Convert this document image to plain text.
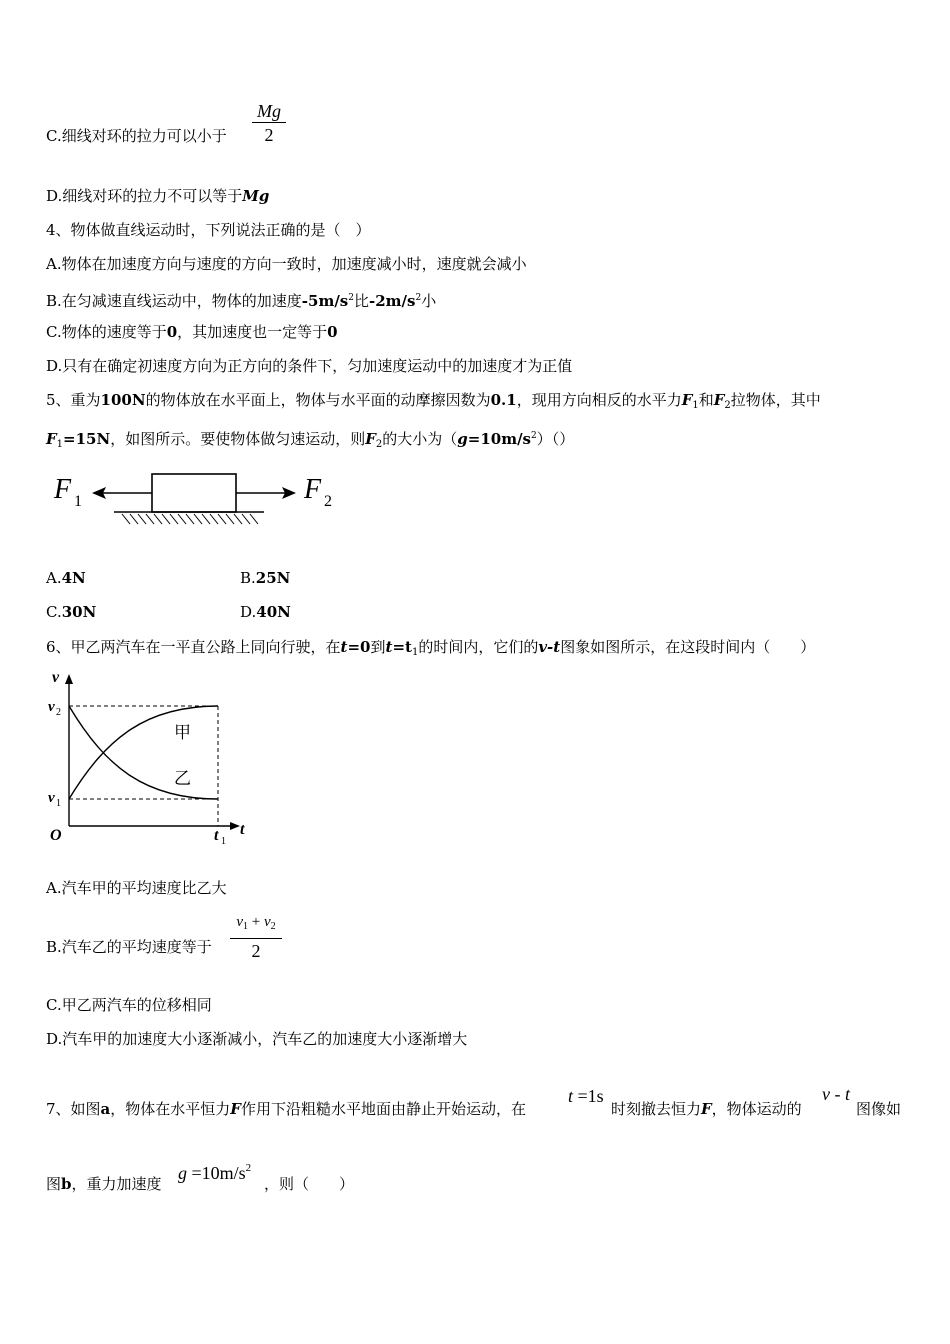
C.细线对环的拉力可以小于 $\frac{Mg}{2}$
D.细线对环的拉力不可以等于Mg
4、物体做直线运动时，下列说法正确的是（　）
A.物体在加速度方向与速度的方向一致时，加速度减小时，速度就会减小
B.在匀减速直线运动中，物体的加速度$-5m/s^2$比$-2m/s^2$小
C.物体的速度等于0，其加速度也一定等于0
D.只有在确定初速度方向为正方向的条件下，匀加速度运动中的加速度才为正值
5、重为100N的物体放在水平面上，物体与水平面的动摩擦因数为0.1，现用方向相反的水平力$F_1$和$F_2$拉物体，其中
$F_1=15N$，如图所示。要使物体做匀速运动，则$F_2$的大小为$(g=10m/s^2)()$
F 1	F 2
A.4N	B.25N
C.30N	D.40N
6、甲乙两汽车在一平直公路上同向行驶，在t=0到$t=t_1$的时间内，它们的v-t图象如图所示，在这段时间内（　　）
v
t
O
v 2
v 1
t 1
甲
乙
A.汽车甲的平均速度比乙大
B.汽车乙的平均速度等于
$v_1 + v_2$
2
C.甲乙两汽车的位移相同
D.汽车甲的加速度大小逐渐减小，汽车乙的加速度大小逐渐增大
7、如图a，物体在水平恒力F作用下沿粗糙水平地面由静止开始运动，在
t =1s
时刻撤去恒力F，物体运动的
v - t
图像如
图b，重力加速度
$g =10m/s^2$
，则（　　）
